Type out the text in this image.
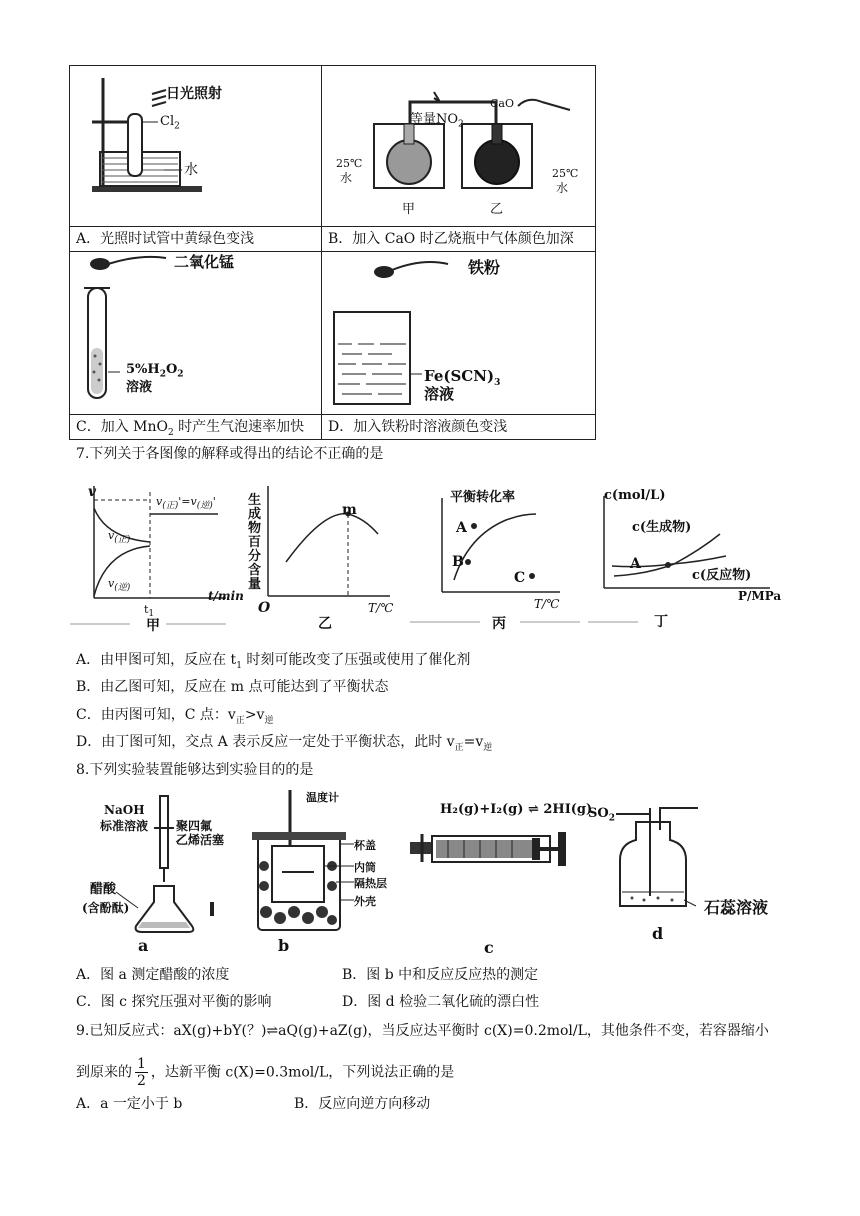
日光照射
$Cl_2$
水
A．光照时试管中黄绿色变浅
CaO
等量$NO_2$
25℃
水	25℃
水
甲	乙
B．加入 CaO 时乙烧瓶中气体颜色加深
二氧化锰
$5\%H_2O_2$
溶液
C．加入 MnO$_2$ 时产生气泡速率加快
铁粉
$Fe(SCN)_3$
溶液
D．加入铁粉时溶液颜色变浅
7.下列关于各图像的解释或得出的结论不正确的是
v
$v_{(正)}'=v_{(逆)}'$
$v_{(正)}$
$v_{(逆)}$
$t_1$
t/min
甲
生成物百分含量
m
O	T/℃
乙
平衡转化率
A
B
C
T/℃
丙
c(mol/L)
c(生成物)
c(反应物)
A
P/MPa
丁
A．由甲图可知，反应在 $t_1$ 时刻可能改变了压强或使用了催化剂
B．由乙图可知，反应在 m 点可能达到了平衡状态
C．由丙图可知，C 点：$v_正>v_逆$
D．由丁图可知，交点 A 表示反应一定处于平衡状态，此时 $v_正=v_逆$
8.下列实验装置能够达到实验目的的是
NaOH
标准溶液 聚四氟
乙烯活塞
醋酸
(含酚酞)
a
温度计
杯盖
内筒
隔热层
外壳
b
H₂(g)+I₂(g) ⇌ 2HI(g)
c
$SO_2$
石蕊溶液
d
A．图 a 测定醋酸的浓度	B．图 b 中和反应反应热的测定
C．图 c 探究压强对平衡的影响	D．图 d 检验二氧化硫的漂白性
9.已知反应式：aX(g)+bY(？)⇌aQ(g)+aZ(g)，当反应达平衡时 c(X)=0.2mol/L，其他条件不变，若容器缩小
到原来的 $\frac{1}{2}$ ，达新平衡 c(X)=0.3mol/L，下列说法正确的是
A．a 一定小于 b	B．反应向逆方向移动
